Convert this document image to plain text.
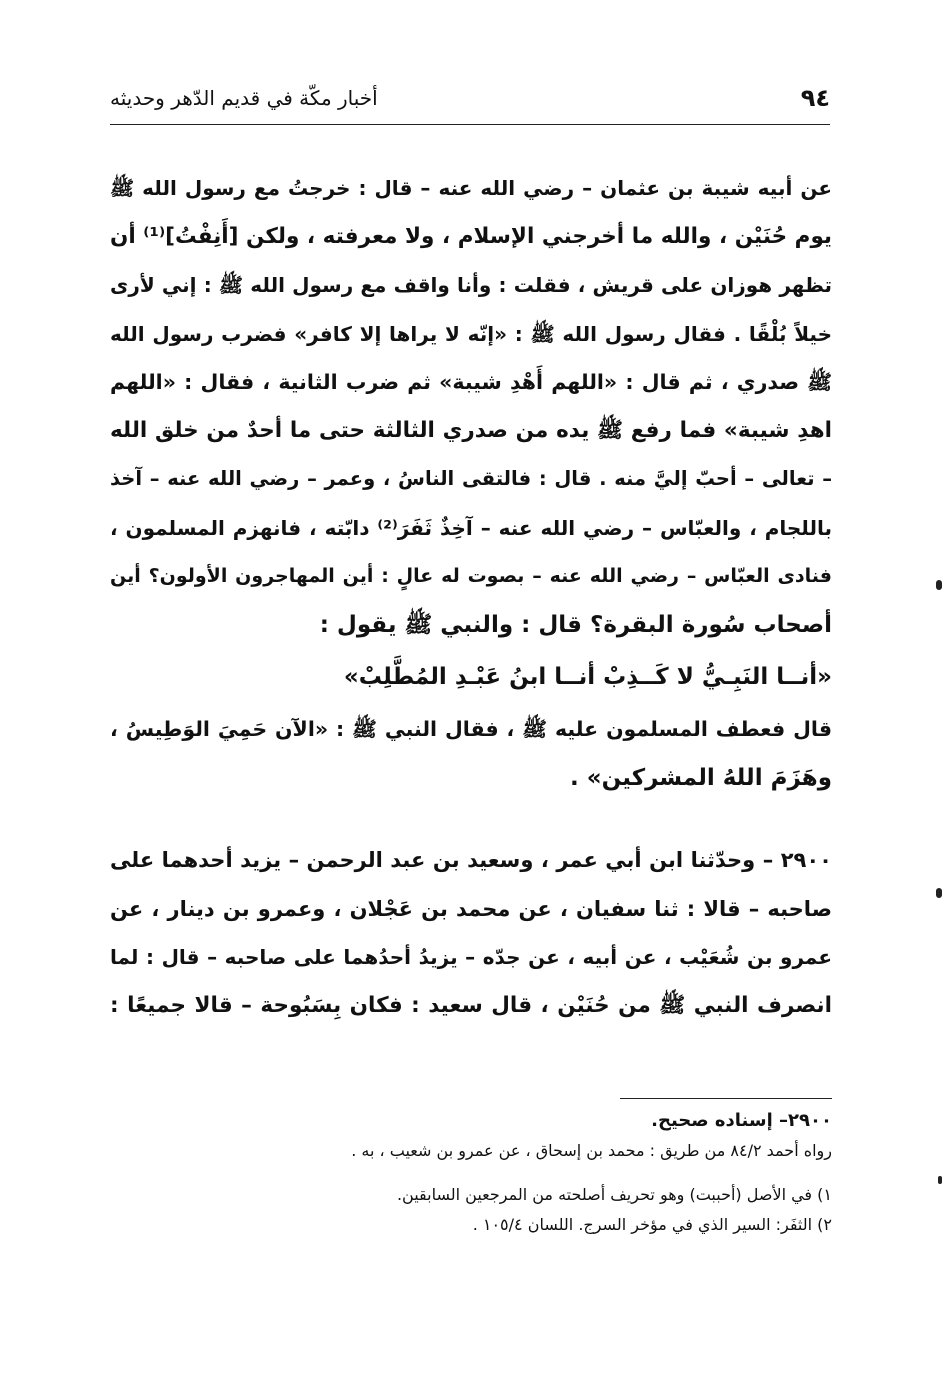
٩٤
أخبار مكّة في قديم الدّهر وحديثه
عن أبيه شيبة بن عثمان – رضي الله عنه – قال : خرجتُ مع رسول الله ﷺ
يوم حُنَيْن ، والله ما أخرجني الإسلام ، ولا معرفته ، ولكن [أَنِفْتُ]⁽¹⁾ أن
تظهر هوزان على قريش ، فقلت : وأنا واقف مع رسول الله ﷺ : إني لأرى
خيلاً بُلْقًا . فقال رسول الله ﷺ : «إنّه لا يراها إلا كافر» فضرب رسول الله
ﷺ صدري ، ثم قال : «اللهم أَهْدِ شيبة» ثم ضرب الثانية ، فقال : «اللهم
اهدِ شيبة» فما رفع ﷺ يده من صدري الثالثة حتى ما أحدٌ من خلق الله
– تعالى – أحبّ إليَّ منه . قال : فالتقى الناسُ ، وعمر – رضي الله عنه – آخذ
باللجام ، والعبّاس – رضي الله عنه – آخِذٌ ثَفَرَ⁽²⁾ دابّته ، فانهزم المسلمون ،
فنادى العبّاس – رضي الله عنه – بصوت له عالٍ : أين المهاجرون الأولون؟ أين
أصحاب سُورة البقرة؟ قال : والنبي ﷺ يقول :
«أنــا النَبِـيُّ لا كَــذِبْ أنــا ابنُ عَبْـدِ المُطَّلِبْ»
قال فعطف المسلمون عليه ﷺ ، فقال النبي ﷺ : «الآن حَمِيَ الوَطِيسُ ،
وهَزَمَ اللهُ المشركين» .
٢٩٠٠ – وحدّثنا ابن أبي عمر ، وسعيد بن عبد الرحمن – يزيد أحدهما على
صاحبه – قالا : ثنا سفيان ، عن محمد بن عَجْلان ، وعمرو بن دينار ، عن
عمرو بن شُعَيْب ، عن أبيه ، عن جدّه – يزيدُ أحدُهما على صاحبه – قال : لما
انصرف النبي ﷺ من حُنَيْن ، قال سعيد : فكان بِسَبُوحة – قالا جميعًا :
٢٩٠٠– إسناده صحيح.
رواه أحمد ٨٤/٢ من طريق : محمد بن إسحاق ، عن عمرو بن شعيب ، به .
١) في الأصل (أحببت) وهو تحريف أصلحته من المرجعين السابقين.
٢) الثفَر: السير الذي في مؤخر السرج. اللسان ١٠٥/٤ .
